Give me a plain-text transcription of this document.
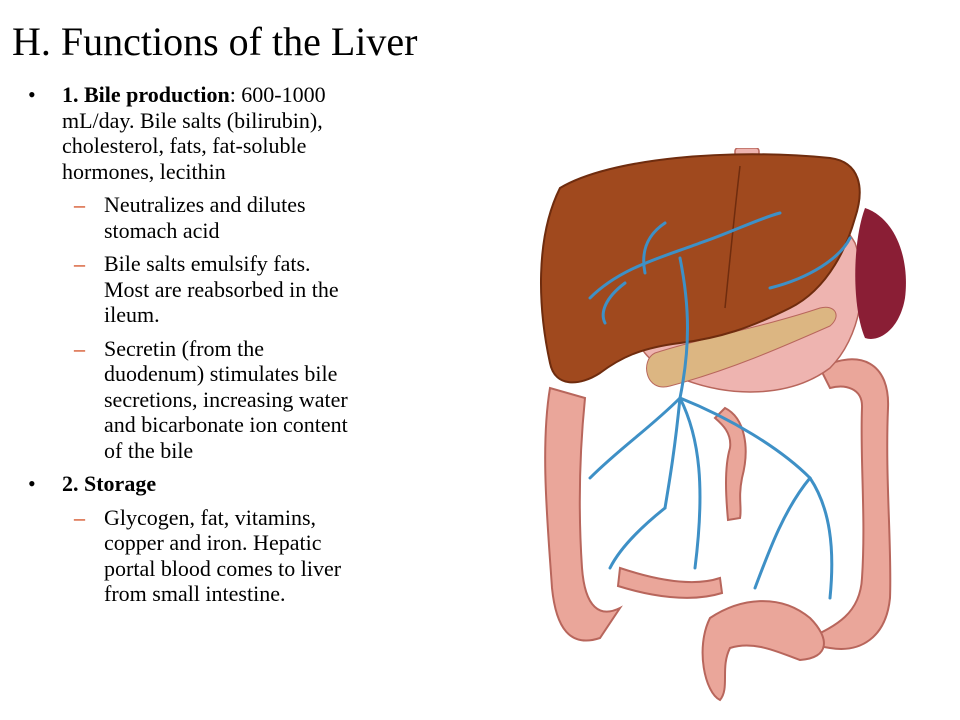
H. Functions of the Liver
• 1. Bile production: 600-1000 mL/day. Bile salts (bilirubin), cholesterol, fats, fat-soluble hormones, lecithin
– Neutralizes and dilutes stomach acid
– Bile salts emulsify fats. Most are reabsorbed in the ileum.
– Secretin (from the duodenum) stimulates bile secretions, increasing water and bicarbonate ion content of the bile
• 2. Storage
– Glycogen, fat, vitamins, copper and iron. Hepatic portal blood comes to liver from small intestine.
